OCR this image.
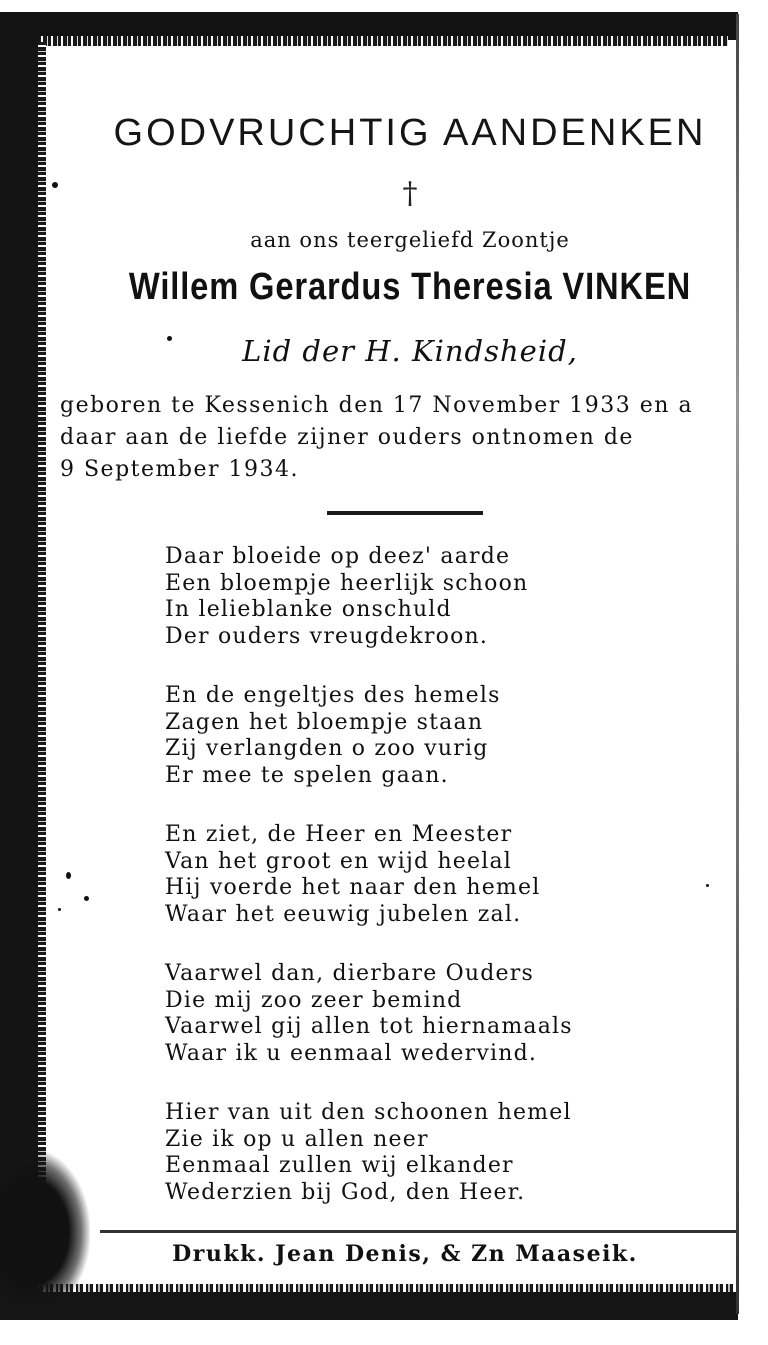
GODVRUCHTIG AANDENKEN
†
aan ons teergeliefd Zoontje
Willem Gerardus Theresia VINKEN
Lid der H. Kindsheid,
geboren te Kessenich den 17 November 1933 en a
daar aan de liefde zijner ouders ontnomen de
9 September 1934.
Daar bloeide op deez' aarde
Een bloempje heerlijk schoon
In lelieblanke onschuld
Der ouders vreugdekroon.
En de engeltjes des hemels
Zagen het bloempje staan
Zij verlangden o zoo vurig
Er mee te spelen gaan.
En ziet, de Heer en Meester
Van het groot en wijd heelal
Hij voerde het naar den hemel
Waar het eeuwig jubelen zal.
Vaarwel dan, dierbare Ouders
Die mij zoo zeer bemind
Vaarwel gij allen tot hiernamaals
Waar ik u eenmaal wedervind.
Hier van uit den schoonen hemel
Zie ik op u allen neer
Eenmaal zullen wij elkander
Wederzien bij God, den Heer.
Drukk. Jean Denis, & Zn Maaseik.
